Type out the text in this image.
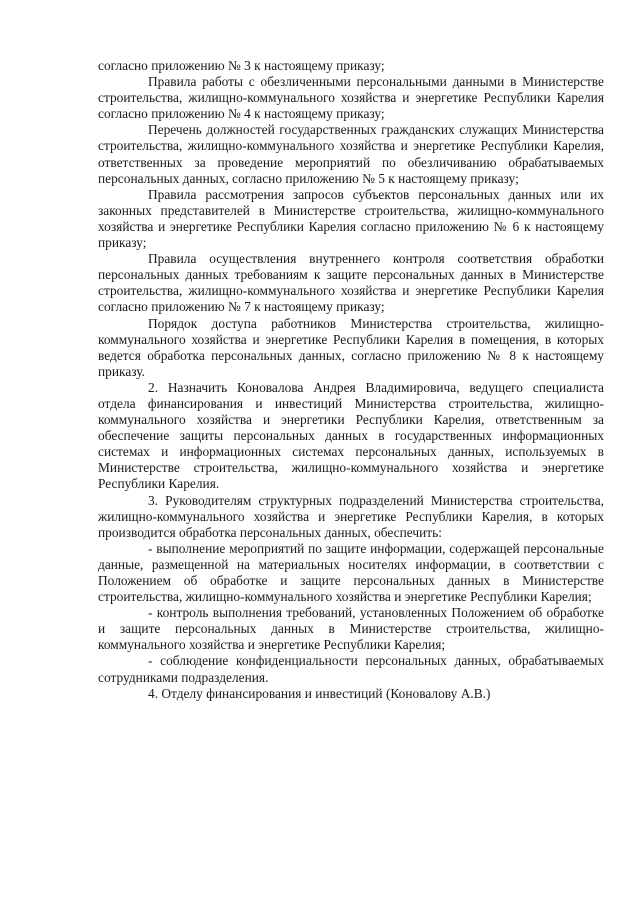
согласно приложению № 3 к настоящему приказу;

Правила работы с обезличенными персональными данными в Министерстве строительства, жилищно-коммунального хозяйства и энергетике Республики Карелия согласно приложению № 4 к настоящему приказу;

Перечень должностей государственных гражданских служащих Министерства строительства, жилищно-коммунального хозяйства и энергетике Республики Карелия, ответственных за проведение мероприятий по обезличиванию обрабатываемых персональных данных, согласно приложению № 5 к настоящему приказу;

Правила рассмотрения запросов субъектов персональных данных или их законных представителей в Министерстве строительства, жилищно-коммунального хозяйства и энергетике Республики Карелия согласно приложению № 6 к настоящему приказу;

Правила осуществления внутреннего контроля соответствия обработки персональных данных требованиям к защите персональных данных в Министерстве строительства, жилищно-коммунального хозяйства и энергетике Республики Карелия согласно приложению № 7 к настоящему приказу;

Порядок доступа работников Министерства строительства, жилищно-коммунального хозяйства и энергетике Республики Карелия в помещения, в которых ведется обработка персональных данных, согласно приложению № 8 к настоящему приказу.

2. Назначить Коновалова Андрея Владимировича, ведущего специалиста отдела финансирования и инвестиций Министерства строительства, жилищно-коммунального хозяйства и энергетики Республики Карелия, ответственным за обеспечение защиты персональных данных в государственных информационных системах и информационных системах персональных данных, используемых в Министерстве строительства, жилищно-коммунального хозяйства и энергетике Республики Карелия.

3. Руководителям структурных подразделений Министерства строительства, жилищно-коммунального хозяйства и энергетике Республики Карелия, в которых производится обработка персональных данных, обеспечить:

- выполнение мероприятий по защите информации, содержащей персональные данные, размещенной на материальных носителях информации, в соответствии с Положением об обработке и защите персональных данных в Министерстве строительства, жилищно-коммунального хозяйства и энергетике Республики Карелия;

- контроль выполнения требований, установленных Положением об обработке и защите персональных данных в Министерстве строительства, жилищно-коммунального хозяйства и энергетике Республики Карелия;

- соблюдение конфиденциальности персональных данных, обрабатываемых сотрудниками подразделения.

4. Отделу финансирования и инвестиций (Коновалову А.В.)
